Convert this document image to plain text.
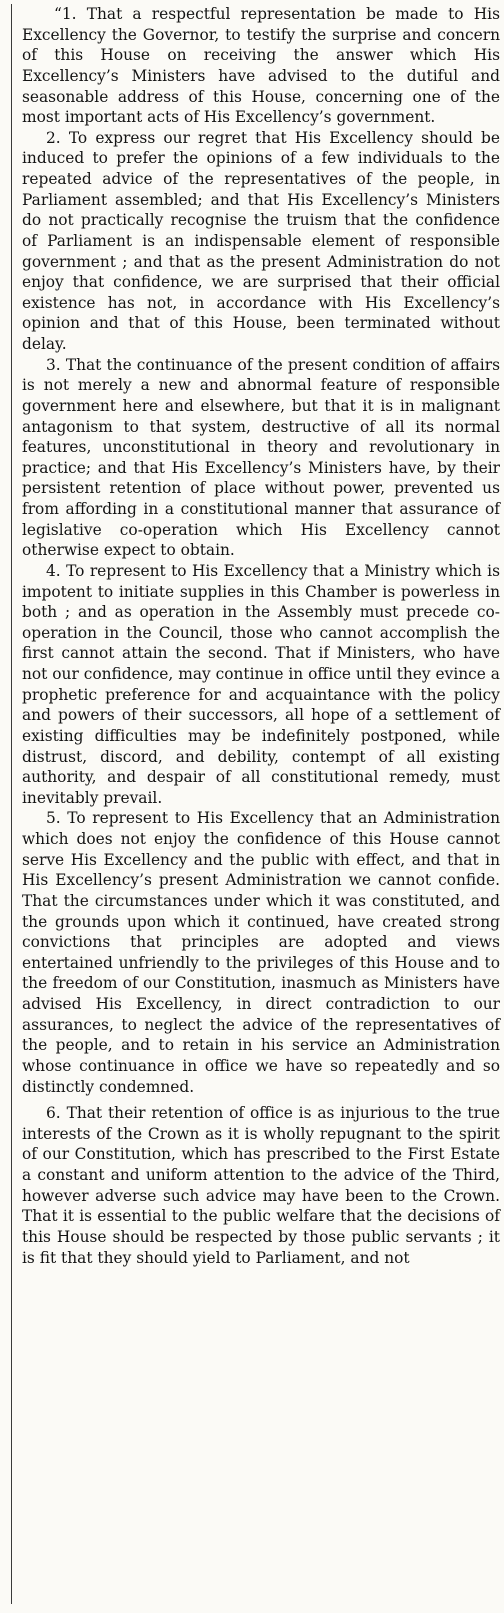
“1. That a respectful representation be made to His Excellency the Governor, to testify the surprise and concern of this House on receiving the answer which His Excellency’s Ministers have advised to the dutiful and seasonable address of this House, concerning one of the most important acts of His Excellency’s government.

2. To express our regret that His Excellency should be induced to prefer the opinions of a few individuals to the repeated advice of the representatives of the people, in Parliament assembled; and that His Excellency’s Ministers do not practically recognise the truism that the confidence of Parliament is an indispensable element of responsible government ; and that as the present Administration do not enjoy that confidence, we are surprised that their official existence has not, in accordance with His Excellency’s opinion and that of this House, been terminated without delay.

3. That the continuance of the present condition of affairs is not merely a new and abnormal feature of responsible government here and elsewhere, but that it is in malignant antagonism to that system, destructive of all its normal features, unconstitutional in theory and revolutionary in practice; and that His Excellency’s Ministers have, by their persistent retention of place without power, prevented us from affording in a constitutional manner that assurance of legislative co-operation which His Excellency cannot otherwise expect to obtain.

4. To represent to His Excellency that a Ministry which is impotent to initiate supplies in this Chamber is powerless in both ; and as operation in the Assembly must precede co-operation in the Council, those who cannot accomplish the first cannot attain the second. That if Ministers, who have not our confidence, may continue in office until they evince a prophetic preference for and acquaintance with the policy and powers of their successors, all hope of a settlement of existing difficulties may be indefinitely postponed, while distrust, discord, and debility, contempt of all existing authority, and despair of all constitutional remedy, must inevitably prevail.

5. To represent to His Excellency that an Administration which does not enjoy the confidence of this House cannot serve His Excellency and the public with effect, and that in His Excellency’s present Administration we cannot confide. That the circumstances under which it was constituted, and the grounds upon which it continued, have created strong convictions that principles are adopted and views entertained unfriendly to the privileges of this House and to the freedom of our Constitution, inasmuch as Ministers have advised His Excellency, in direct contradiction to our assurances, to neglect the advice of the representatives of the people, and to retain in his service an Administration whose continuance in office we have so repeatedly and so distinctly condemned.

6. That their retention of office is as injurious to the true interests of the Crown as it is wholly repugnant to the spirit of our Constitution, which has prescribed to the First Estate a constant and uniform attention to the advice of the Third, however adverse such advice may have been to the Crown. That it is essential to the public welfare that the decisions of this House should be respected by those public servants ; it is fit that they should yield to Parliament, and not
